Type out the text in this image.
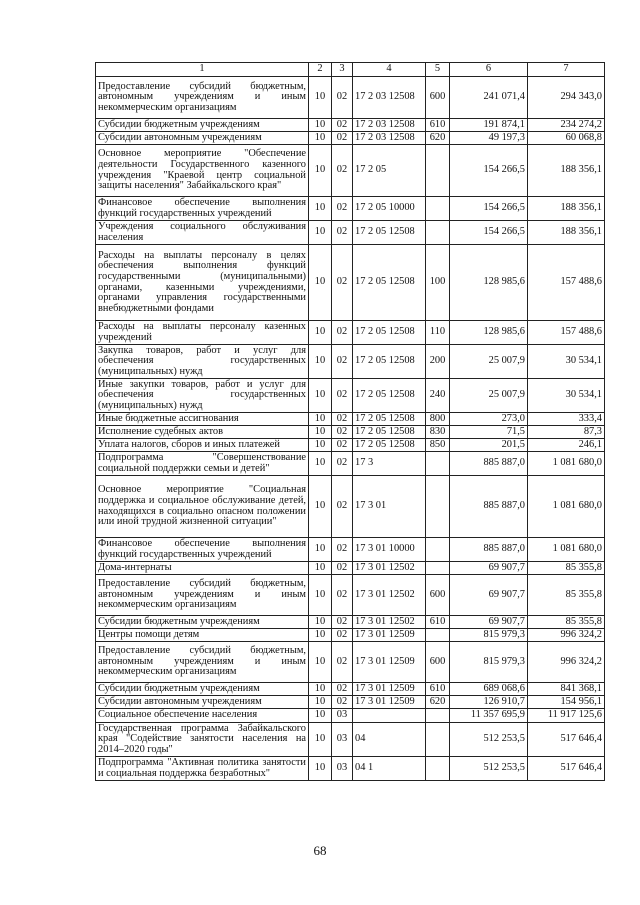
1	2	3	4	5	6	7
Предоставление субсидий бюджетным, автономным учреждениям и иным некоммерческим организациям	10	02	17 2 03 12508	600	241 071,4	294 343,0
Субсидии бюджетным учреждениям	10	02	17 2 03 12508	610	191 874,1	234 274,2
Субсидии автономным учреждениям	10	02	17 2 03 12508	620	49 197,3	60 068,8
Основное мероприятие "Обеспечение деятельности Государственного казенного учреждения "Краевой центр социальной защиты населения" Забайкальского края"	10	02	17 2 05		154 266,5	188 356,1
Финансовое обеспечение выполнения функций государственных учреждений	10	02	17 2 05 10000		154 266,5	188 356,1
Учреждения социального обслуживания населения	10	02	17 2 05 12508		154 266,5	188 356,1
Расходы на выплаты персоналу в целях обеспечения выполнения функций государственными (муниципальными) органами, казенными учреждениями, органами управления государственными внебюджетными фондами	10	02	17 2 05 12508	100	128 985,6	157 488,6
Расходы на выплаты персоналу казенных учреждений	10	02	17 2 05 12508	110	128 985,6	157 488,6
Закупка товаров, работ и услуг для обеспечения государственных (муниципальных) нужд	10	02	17 2 05 12508	200	25 007,9	30 534,1
Иные закупки товаров, работ и услуг для обеспечения государственных (муниципальных) нужд	10	02	17 2 05 12508	240	25 007,9	30 534,1
Иные бюджетные ассигнования	10	02	17 2 05 12508	800	273,0	333,4
Исполнение судебных актов	10	02	17 2 05 12508	830	71,5	87,3
Уплата налогов, сборов и иных платежей	10	02	17 2 05 12508	850	201,5	246,1
Подпрограмма "Совершенствование социальной поддержки семьи и детей"	10	02	17 3		885 887,0	1 081 680,0
Основное мероприятие "Социальная поддержка и социальное обслуживание детей, находящихся в социально опасном положении или иной трудной жизненной ситуации"	10	02	17 3 01		885 887,0	1 081 680,0
Финансовое обеспечение выполнения функций государственных учреждений	10	02	17 3 01 10000		885 887,0	1 081 680,0
Дома-интернаты	10	02	17 3 01 12502		69 907,7	85 355,8
Предоставление субсидий бюджетным, автономным учреждениям и иным некоммерческим организациям	10	02	17 3 01 12502	600	69 907,7	85 355,8
Субсидии бюджетным учреждениям	10	02	17 3 01 12502	610	69 907,7	85 355,8
Центры помощи детям	10	02	17 3 01 12509		815 979,3	996 324,2
Предоставление субсидий бюджетным, автономным учреждениям и иным некоммерческим организациям	10	02	17 3 01 12509	600	815 979,3	996 324,2
Субсидии бюджетным учреждениям	10	02	17 3 01 12509	610	689 068,6	841 368,1
Субсидии автономным учреждениям	10	02	17 3 01 12509	620	126 910,7	154 956,1
Социальное обеспечение населения	10	03			11 357 695,9	11 917 125,6
Государственная программа Забайкальского края "Содействие занятости населения на 2014–2020 годы"	10	03	04		512 253,5	517 646,4
Подпрограмма "Активная политика занятости и социальная поддержка безработных"	10	03	04 1		512 253,5	517 646,4
68
